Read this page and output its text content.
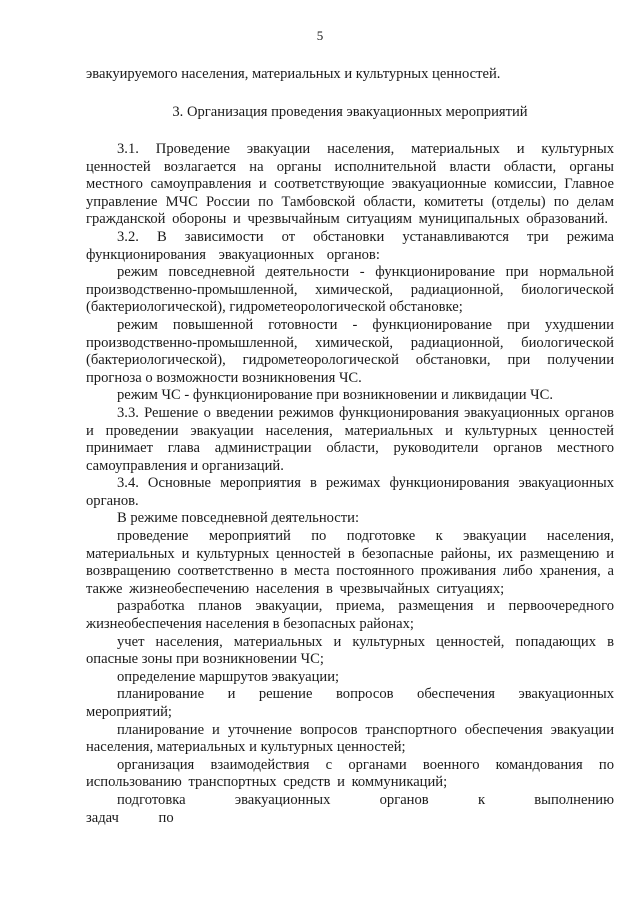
5

эвакуируемого населения, материальных и культурных ценностей.

3. Организация проведения эвакуационных мероприятий

3.1. Проведение эвакуации населения, материальных и культурных ценностей возлагается на органы исполнительной власти области, органы местного самоуправления и соответствующие эвакуационные комиссии, Главное управление МЧС России по Тамбовской области, комитеты (отделы) по делам гражданской обороны и чрезвычайным ситуациям муниципальных образований.

3.2. В зависимости от обстановки устанавливаются три режима функционирования эвакуационных органов:

режим повседневной деятельности - функционирование при нормальной производственно-промышленной, химической, радиационной, биологической (бактериологической), гидрометеорологической обстановке;

режим повышенной готовности - функционирование при ухудшении производственно-промышленной, химической, радиационной, биологической (бактериологической), гидрометеорологической обстановки, при получении прогноза о возможности возникновения ЧС.

режим ЧС - функционирование при возникновении и ликвидации ЧС.

3.3. Решение о введении режимов функционирования эвакуационных органов и проведении эвакуации населения, материальных и культурных ценностей принимает глава администрации области, руководители органов местного самоуправления и организаций.

3.4. Основные мероприятия в режимах функционирования эвакуационных органов.

В режиме повседневной деятельности:

проведение мероприятий по подготовке к эвакуации населения, материальных и культурных ценностей в безопасные районы, их размещению и возвращению соответственно в места постоянного проживания либо хранения, а также жизнеобеспечению населения в чрезвычайных ситуациях;

разработка планов эвакуации, приема, размещения и первоочередного жизнеобеспечения населения в безопасных районах;

учет населения, материальных и культурных ценностей, попадающих в опасные зоны при возникновении ЧС;

определение маршрутов эвакуации;

планирование и решение вопросов обеспечения эвакуационных мероприятий;

планирование и уточнение вопросов транспортного обеспечения эвакуации населения, материальных и культурных ценностей;

организация взаимодействия с органами военного командования по использованию транспортных средств и коммуникаций;

подготовка эвакуационных органов к выполнению задач по
